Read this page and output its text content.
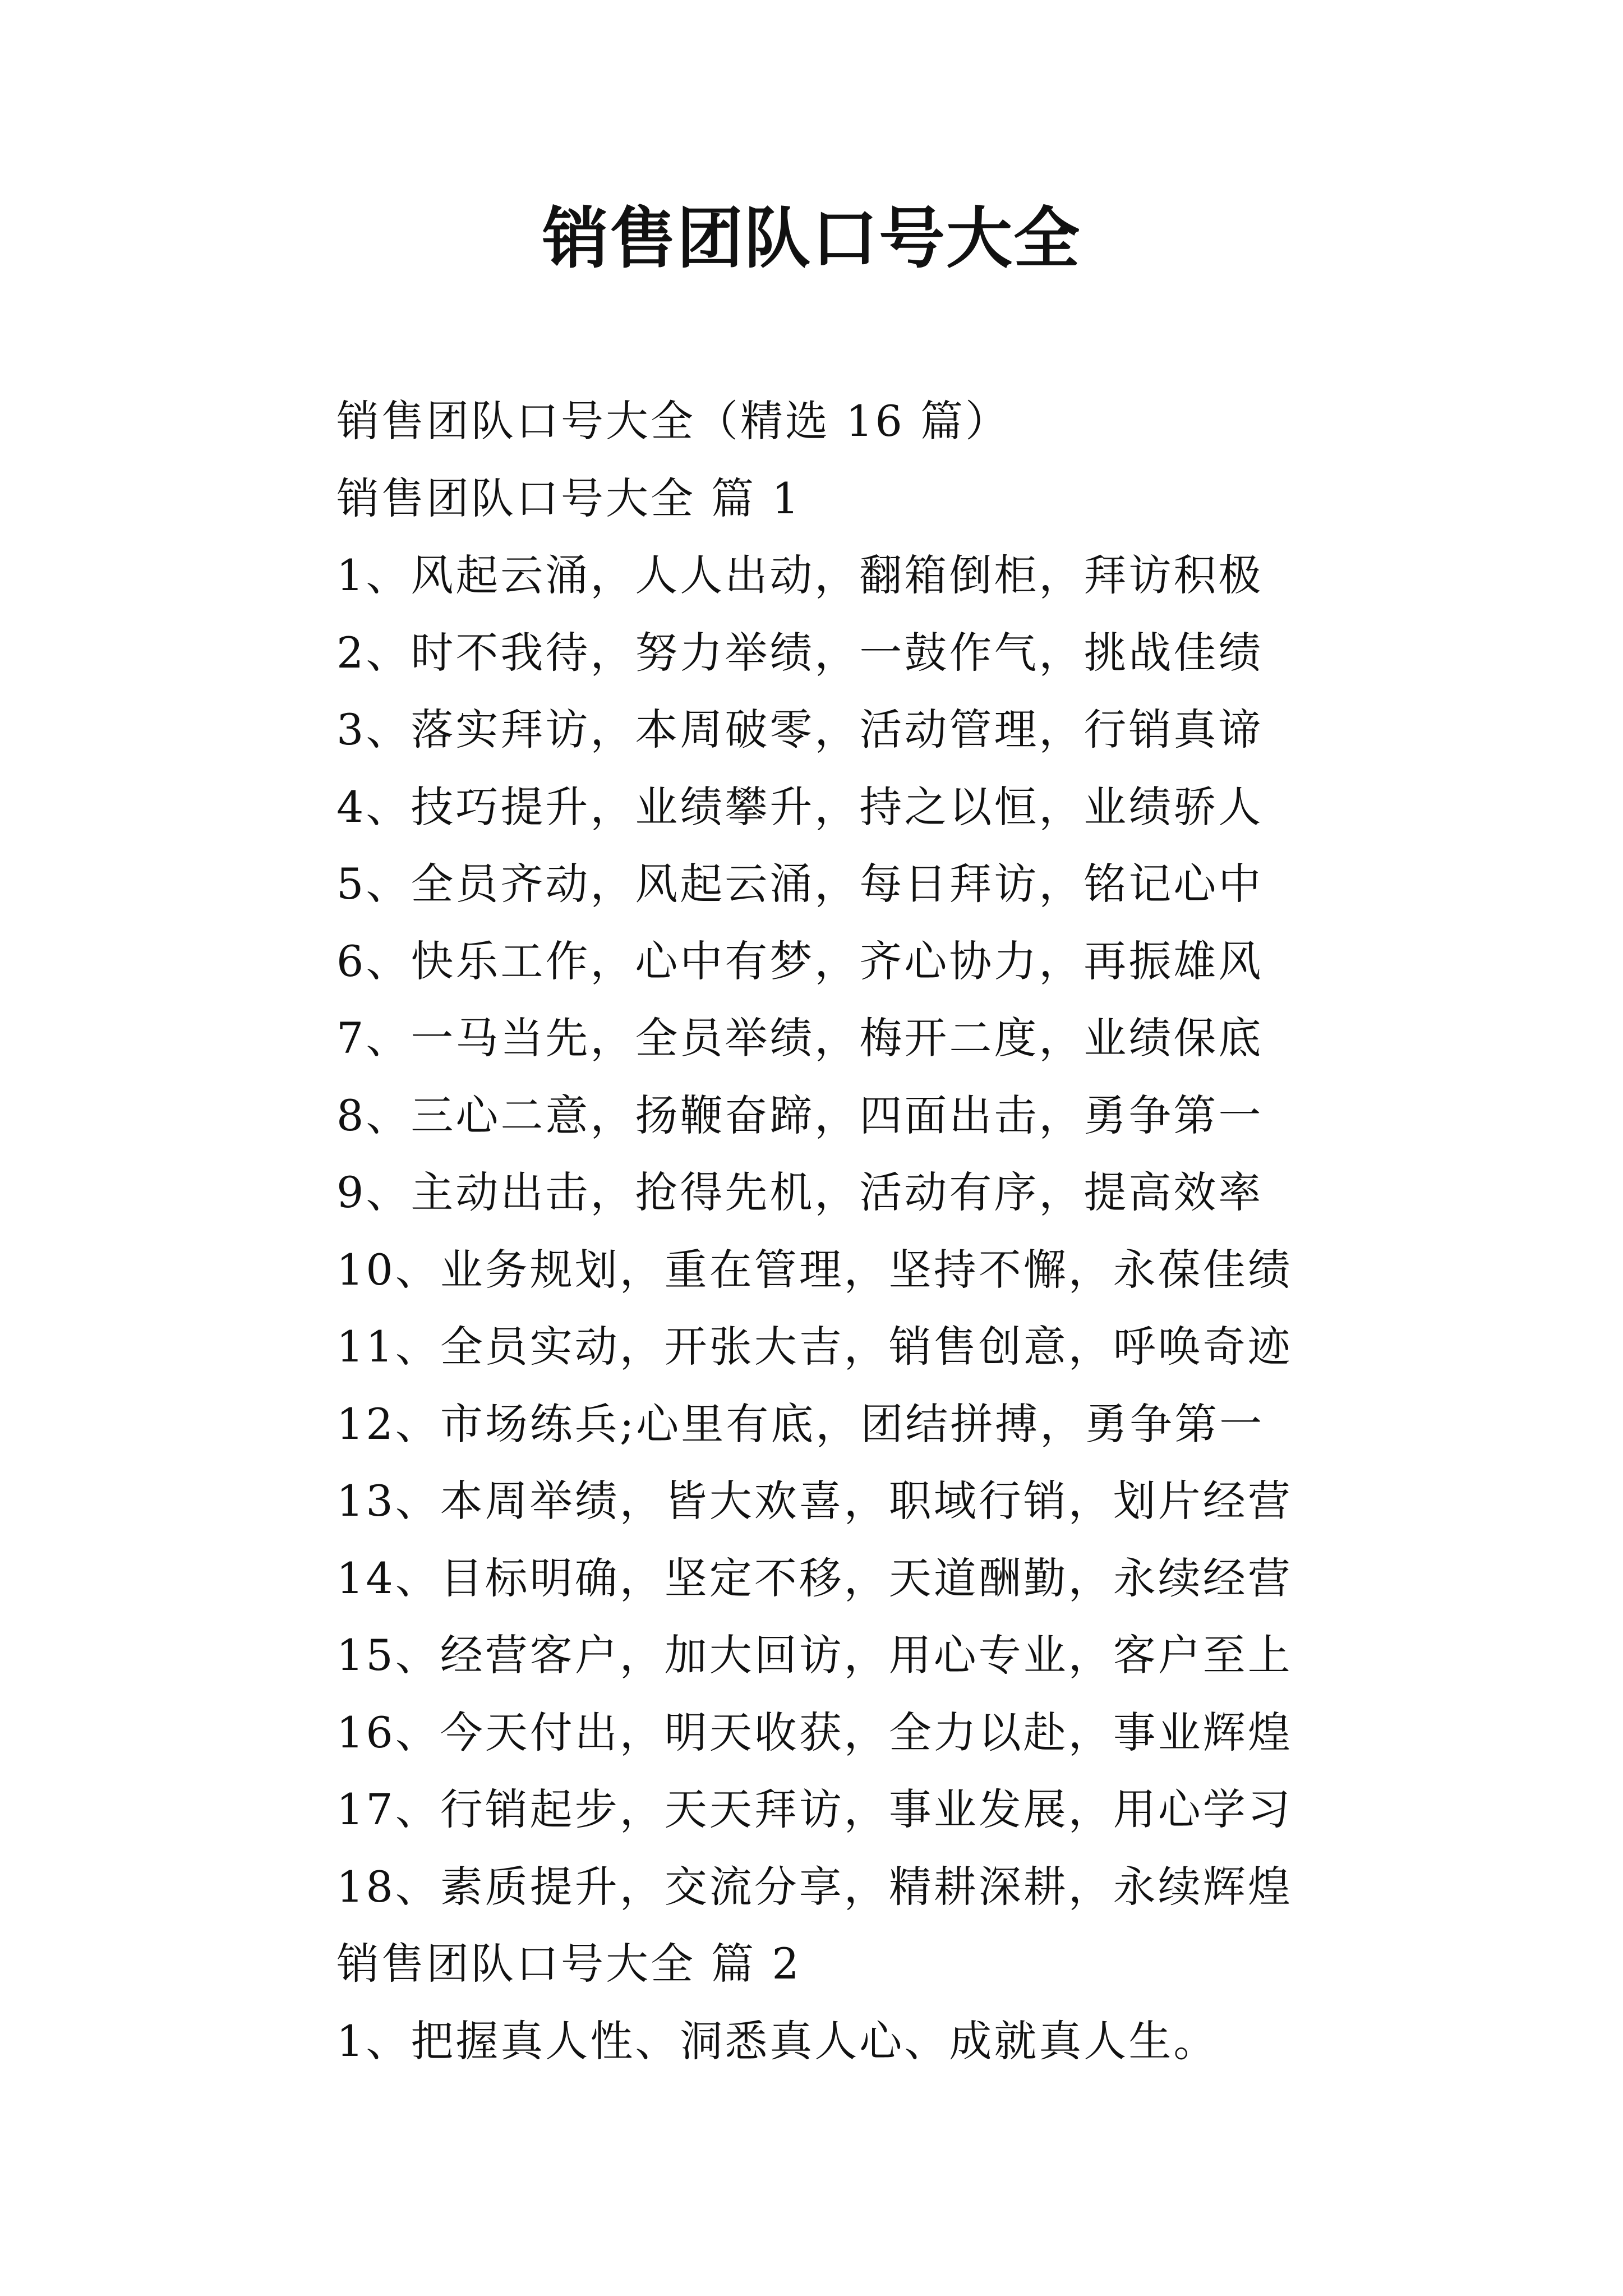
销售团队口号大全
销售团队口号大全（精选 16 篇）
销售团队口号大全 篇 1
1、风起云涌，人人出动，翻箱倒柜，拜访积极
2、时不我待，努力举绩，一鼓作气，挑战佳绩
3、落实拜访，本周破零，活动管理，行销真谛
4、技巧提升，业绩攀升，持之以恒，业绩骄人
5、全员齐动，风起云涌，每日拜访，铭记心中
6、快乐工作，心中有梦，齐心协力，再振雄风
7、一马当先，全员举绩，梅开二度，业绩保底
8、三心二意，扬鞭奋蹄，四面出击，勇争第一
9、主动出击，抢得先机，活动有序，提高效率
10、业务规划，重在管理，坚持不懈，永葆佳绩
11、全员实动，开张大吉，销售创意，呼唤奇迹
12、市场练兵;心里有底，团结拼搏，勇争第一
13、本周举绩，皆大欢喜，职域行销，划片经营
14、目标明确，坚定不移，天道酬勤，永续经营
15、经营客户，加大回访，用心专业，客户至上
16、今天付出，明天收获，全力以赴，事业辉煌
17、行销起步，天天拜访，事业发展，用心学习
18、素质提升，交流分享，精耕深耕，永续辉煌
销售团队口号大全 篇 2
1、把握真人性、洞悉真人心、成就真人生。
